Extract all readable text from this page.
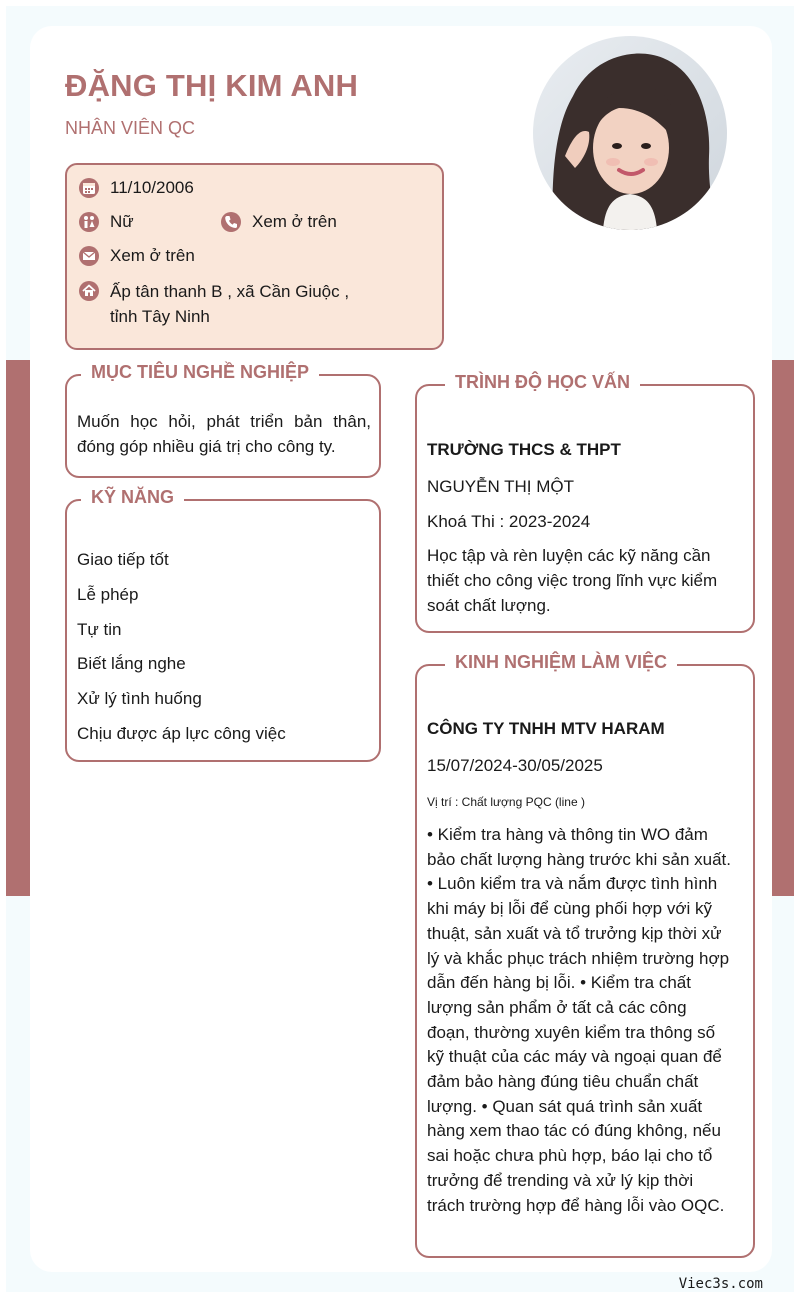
ĐẶNG THỊ KIM ANH
NHÂN VIÊN QC
11/10/2006
Nữ	Xem ở trên
Xem ở trên
Ấp tân thanh B , xã Cần Giuộc , tỉnh Tây Ninh
MỤC TIÊU NGHỀ NGHIỆP
Muốn học hỏi, phát triển bản thân, đóng góp nhiều giá trị cho công ty.
KỸ NĂNG
Giao tiếp tốt
Lễ phép
Tự tin
Biết lắng nghe
Xử lý tình huống
Chịu được áp lực công việc
TRÌNH ĐỘ HỌC VẤN
TRƯỜNG THCS & THPT
NGUYỄN THỊ MỘT
Khoá Thi : 2023-2024
Học tập và rèn luyện các kỹ năng cần thiết cho công việc trong lĩnh vực kiểm soát chất lượng.
KINH NGHIỆM LÀM VIỆC
CÔNG TY TNHH MTV HARAM
15/07/2024-30/05/2025
Vị trí : Chất lượng PQC (line )
• Kiểm tra hàng và thông tin WO đảm bảo chất lượng hàng trước khi sản xuất. • Luôn kiểm tra và nắm được tình hình khi máy bị lỗi để cùng phối hợp với kỹ thuật, sản xuất và tổ trưởng kịp thời xử lý và khắc phục trách nhiệm trường hợp dẫn đến hàng bị lỗi. • Kiểm tra chất lượng sản phẩm ở tất cả các công đoạn, thường xuyên kiểm tra thông số kỹ thuật của các máy và ngoại quan để đảm bảo hàng đúng tiêu chuẩn chất lượng. • Quan sát quá trình sản xuất hàng xem thao tác có đúng không, nếu sai hoặc chưa phù hợp, báo lại cho tổ trưởng để trending và xử lý kịp thời trách trường hợp để hàng lỗi vào OQC.
Viec3s.com
